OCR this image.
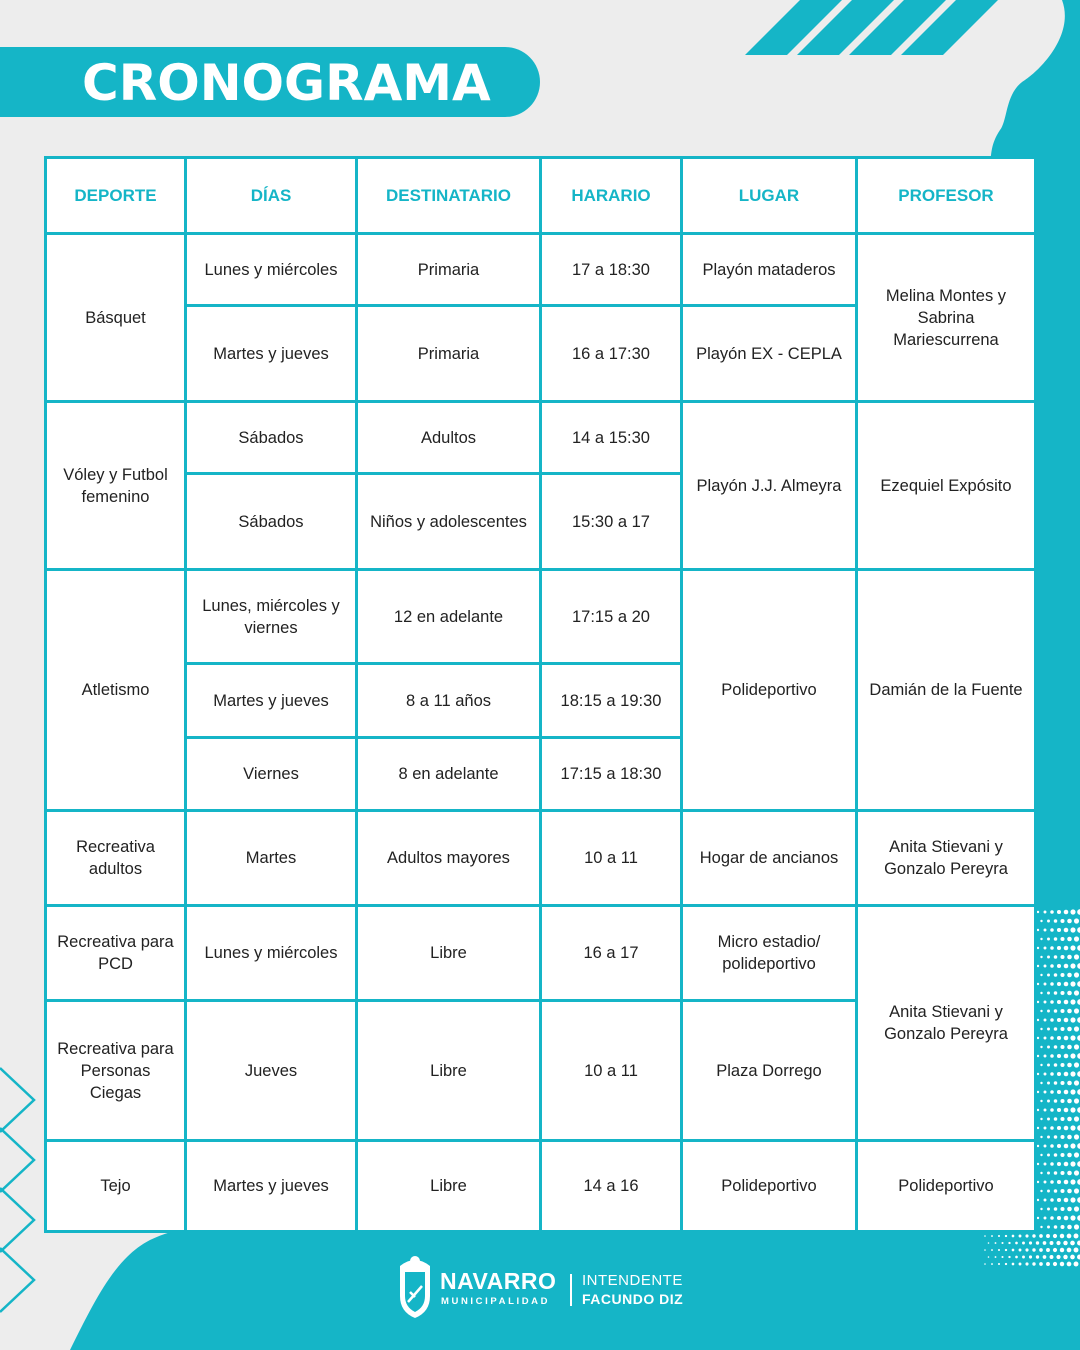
CRONOGRAMA
DEPORTE	DÍAS	DESTINATARIO	HARARIO	LUGAR	PROFESOR
Básquet	Lunes y miércoles	Primaria	17 a 18:30	Playón mataderos	Melina Montes y Sabrina Mariescurrena
	Martes y jueves	Primaria	16 a 17:30	Playón EX - CEPLA	
Vóley y Futbol femenino	Sábados	Adultos	14 a 15:30	Playón J.J. Almeyra	Ezequiel Expósito
	Sábados	Niños y adolescentes	15:30 a 17		
Atletismo	Lunes, miércoles y viernes	12 en adelante	17:15 a 20	Polideportivo	Damián de la Fuente
	Martes y jueves	8 a 11 años	18:15 a 19:30		
	Viernes	8 en adelante	17:15 a 18:30		
Recreativa adultos	Martes	Adultos mayores	10 a 11	Hogar de ancianos	Anita Stievani y Gonzalo Pereyra
Recreativa para PCD	Lunes y miércoles	Libre	16 a 17	Micro estadio/ polideportivo	Anita Stievani y Gonzalo Pereyra
Recreativa para Personas Ciegas	Jueves	Libre	10 a 11	Plaza Dorrego	
Tejo	Martes y jueves	Libre	14 a 16	Polideportivo	Polideportivo
NAVARRO
MUNICIPALIDAD
INTENDENTE
FACUNDO DIZ
